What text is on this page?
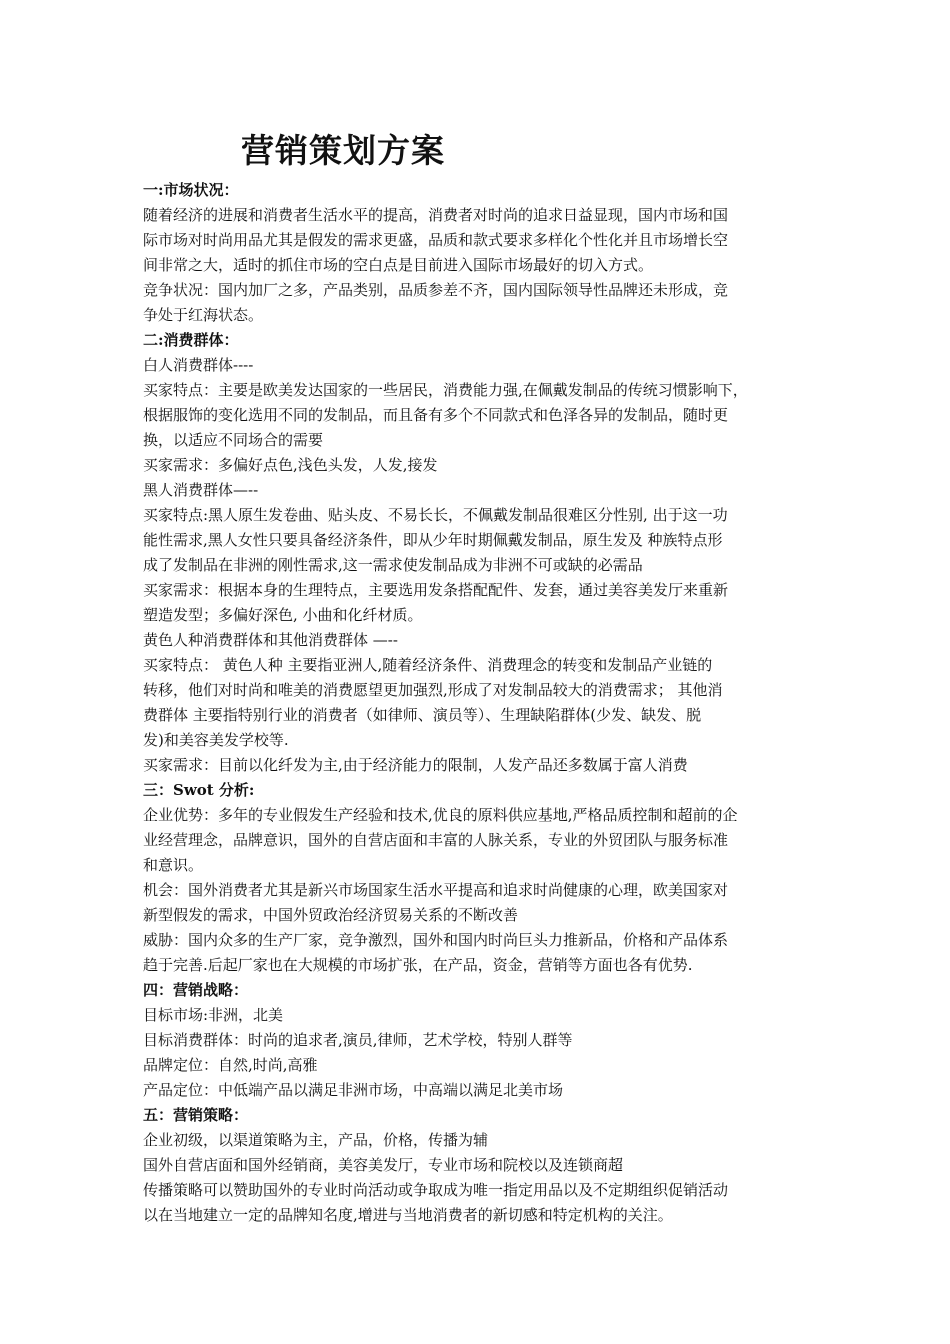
营销策划方案
一:市场状况：
随着经济的进展和消费者生活水平的提高，消费者对时尚的追求日益显现，国内市场和国
际市场对时尚用品尤其是假发的需求更盛，品质和款式要求多样化个性化并且市场增长空
间非常之大，适时的抓住市场的空白点是目前进入国际市场最好的切入方式。
竞争状况：国内加厂之多，产品类别，品质参差不齐，国内国际领导性品牌还未形成，竞
争处于红海状态。
二:消费群体：
白人消费群体----
买家特点：主要是欧美发达国家的一些居民，消费能力强,在佩戴发制品的传统习惯影响下，
根据服饰的变化选用不同的发制品，而且备有多个不同款式和色泽各异的发制品，随时更
换，以适应不同场合的需要
买家需求：多偏好点色,浅色头发，人发,接发
黑人消费群体—--
买家特点:黑人原生发卷曲、贴头皮、不易长长，不佩戴发制品很难区分性别, 出于这一功
能性需求,黑人女性只要具备经济条件，即从少年时期佩戴发制品，原生发及 种族特点形
成了发制品在非洲的刚性需求,这一需求使发制品成为非洲不可或缺的必需品
买家需求：根据本身的生理特点，主要选用发条搭配配件、发套，通过美容美发厅来重新
塑造发型；多偏好深色, 小曲和化纤材质。
黄色人种消费群体和其他消费群体 —--
买家特点： 黄色人种 主要指亚洲人,随着经济条件、消费理念的转变和发制品产业链的
转移，他们对时尚和唯美的消费愿望更加强烈,形成了对发制品较大的消费需求； 其他消
费群体 主要指特别行业的消费者（如律师、演员等）、生理缺陷群体(少发、缺发、脱
发)和美容美发学校等.
买家需求：目前以化纤发为主,由于经济能力的限制，人发产品还多数属于富人消费
三：Swot 分析:
企业优势：多年的专业假发生产经验和技术,优良的原料供应基地,严格品质控制和超前的企
业经营理念，品牌意识，国外的自营店面和丰富的人脉关系，专业的外贸团队与服务标准
和意识。
机会：国外消费者尤其是新兴市场国家生活水平提高和追求时尚健康的心理，欧美国家对
新型假发的需求，中国外贸政治经济贸易关系的不断改善
威胁：国内众多的生产厂家，竞争激烈，国外和国内时尚巨头力推新品，价格和产品体系
趋于完善.后起厂家也在大规模的市场扩张，在产品，资金，营销等方面也各有优势.
四：营销战略：
目标市场:非洲，北美
目标消费群体：时尚的追求者,演员,律师，艺术学校，特别人群等
品牌定位：自然,时尚,高雅
产品定位：中低端产品以满足非洲市场，中高端以满足北美市场
五：营销策略：
企业初级，以渠道策略为主，产品，价格，传播为辅
国外自营店面和国外经销商，美容美发厅，专业市场和院校以及连锁商超
传播策略可以赞助国外的专业时尚活动或争取成为唯一指定用品以及不定期组织促销活动
以在当地建立一定的品牌知名度,增进与当地消费者的新切感和特定机构的关注。
